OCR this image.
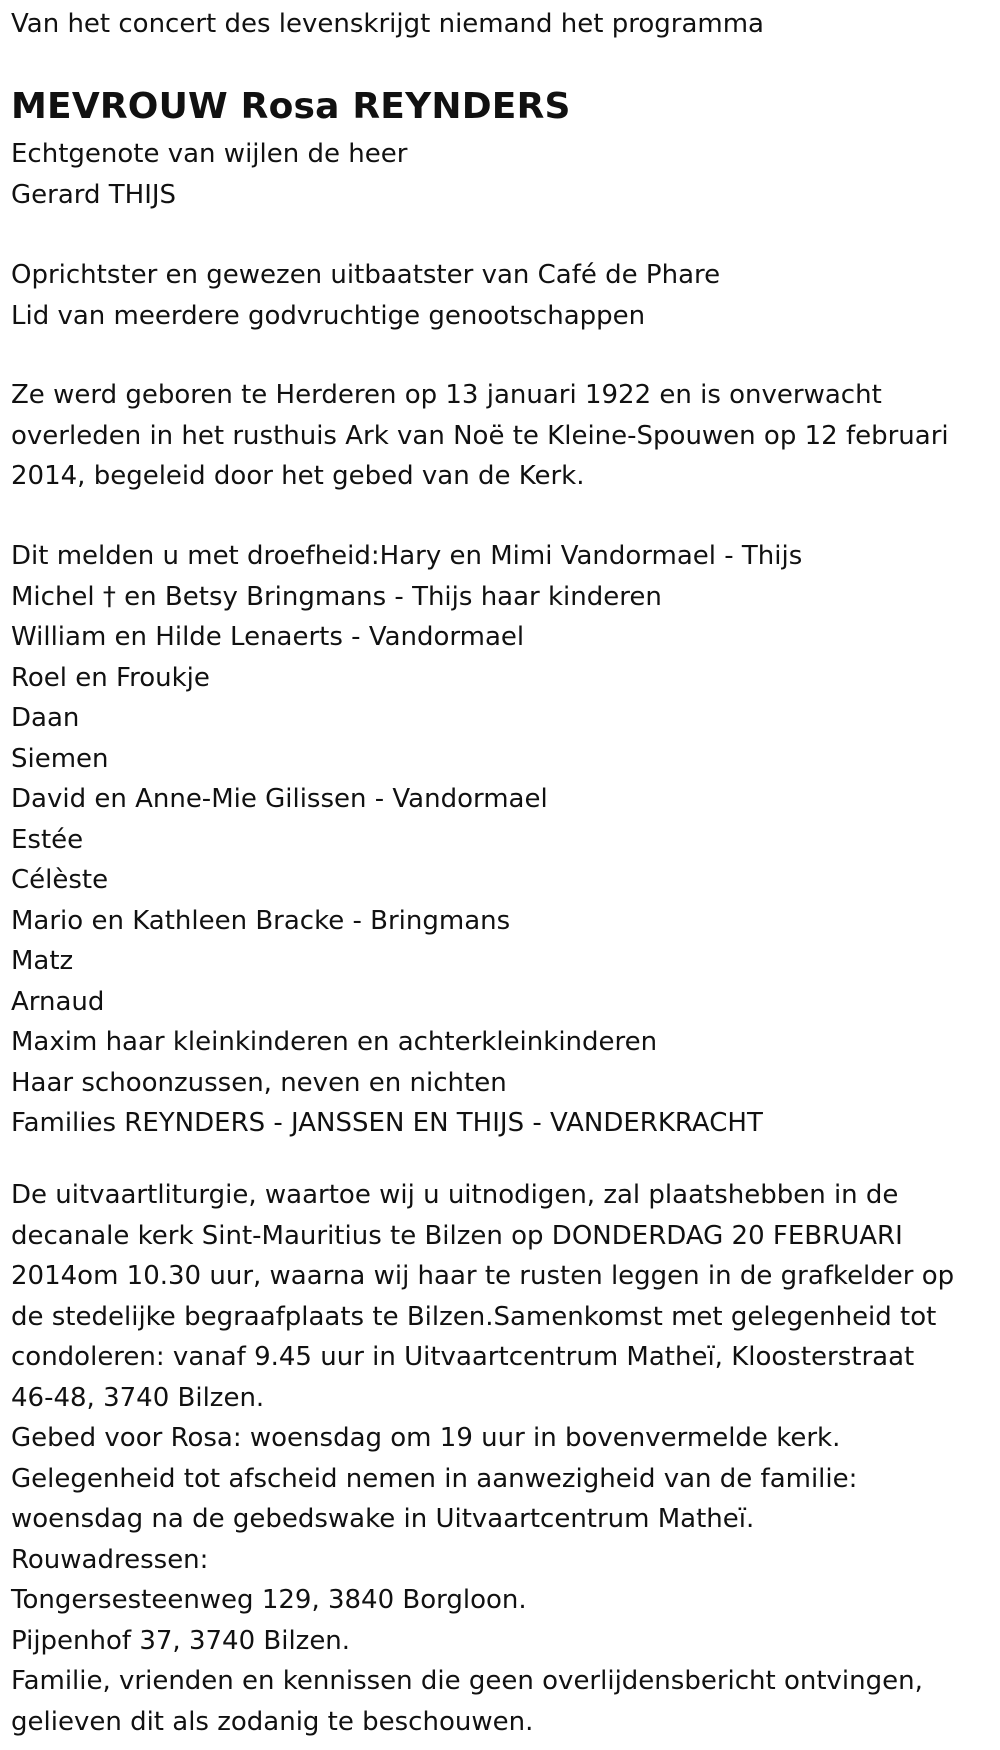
Van het concert des levenskrijgt niemand het programma
MEVROUW Rosa REYNDERS
Echtgenote van wijlen de heer
Gerard THIJS
Oprichtster en gewezen uitbaatster van Café de Phare
Lid van meerdere godvruchtige genootschappen
Ze werd geboren te Herderen op 13 januari 1922 en is onverwacht
overleden in het rusthuis Ark van Noë te Kleine-Spouwen op 12 februari
2014, begeleid door het gebed van de Kerk.
Dit melden u met droefheid:Hary en Mimi Vandormael - Thijs
Michel † en Betsy Bringmans - Thijs haar kinderen
William en Hilde Lenaerts - Vandormael
Roel en Froukje
Daan
Siemen
David en Anne-Mie Gilissen - Vandormael
Estée
Célèste
Mario en Kathleen Bracke - Bringmans
Matz
Arnaud
Maxim haar kleinkinderen en achterkleinkinderen
Haar schoonzussen, neven en nichten
Families REYNDERS - JANSSEN EN THIJS - VANDERKRACHT
De uitvaartliturgie, waartoe wij u uitnodigen, zal plaatshebben in de
decanale kerk Sint-Mauritius te Bilzen op DONDERDAG 20 FEBRUARI
2014om 10.30 uur, waarna wij haar te rusten leggen in de grafkelder op
de stedelijke begraafplaats te Bilzen.Samenkomst met gelegenheid tot
condoleren: vanaf 9.45 uur in Uitvaartcentrum Matheï, Kloosterstraat
46-48, 3740 Bilzen.
Gebed voor Rosa: woensdag om 19 uur in bovenvermelde kerk.
Gelegenheid tot afscheid nemen in aanwezigheid van de familie:
woensdag na de gebedswake in Uitvaartcentrum Matheï.
Rouwadressen:
Tongersesteenweg 129, 3840 Borgloon.
Pijpenhof 37, 3740 Bilzen.
Familie, vrienden en kennissen die geen overlijdensbericht ontvingen,
gelieven dit als zodanig te beschouwen.
